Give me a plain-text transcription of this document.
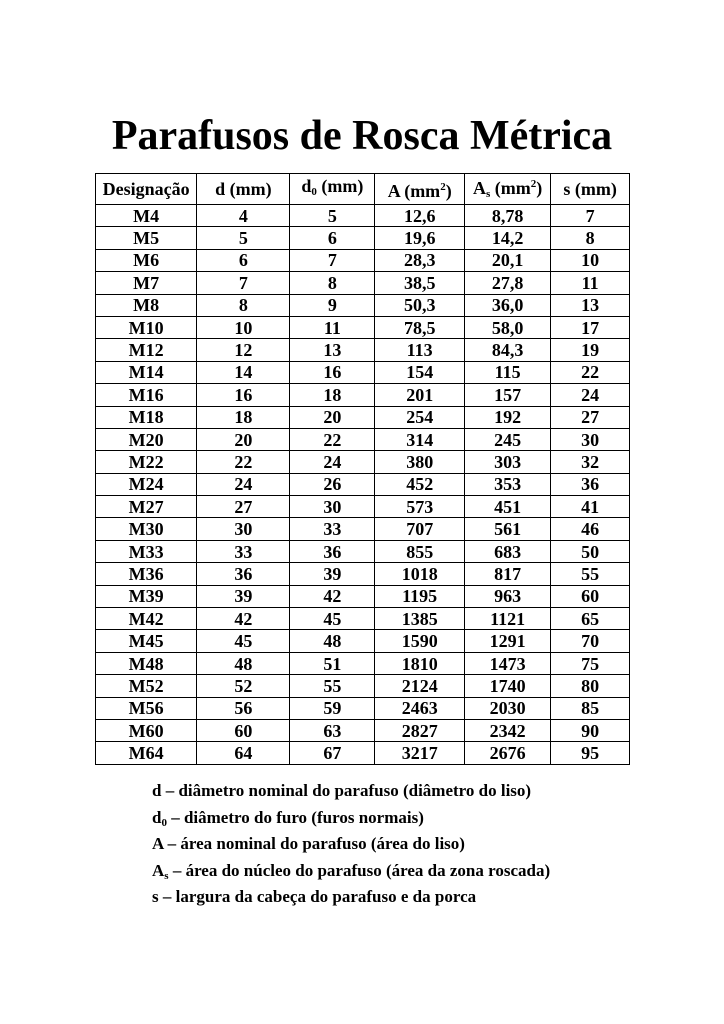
Parafusos de Rosca Métrica
Designação	d (mm)	$d_0$ (mm)	A $(mm^2)$	$A_s$ $(mm^2)$	s (mm)
M4	4	5	12,6	8,78	7
M5	5	6	19,6	14,2	8
M6	6	7	28,3	20,1	10
M7	7	8	38,5	27,8	11
M8	8	9	50,3	36,0	13
M10	10	11	78,5	58,0	17
M12	12	13	113	84,3	19
M14	14	16	154	115	22
M16	16	18	201	157	24
M18	18	20	254	192	27
M20	20	22	314	245	30
M22	22	24	380	303	32
M24	24	26	452	353	36
M27	27	30	573	451	41
M30	30	33	707	561	46
M33	33	36	855	683	50
M36	36	39	1018	817	55
M39	39	42	1195	963	60
M42	42	45	1385	1121	65
M45	45	48	1590	1291	70
M48	48	51	1810	1473	75
M52	52	55	2124	1740	80
M56	56	59	2463	2030	85
M60	60	63	2827	2342	90
M64	64	67	3217	2676	95
d – diâmetro nominal do parafuso (diâmetro do liso)
$d_0$ – diâmetro do furo (furos normais)
A – área nominal do parafuso (área do liso)
$A_s$ – área do núcleo do parafuso (área da zona roscada)
s – largura da cabeça do parafuso e da porca
